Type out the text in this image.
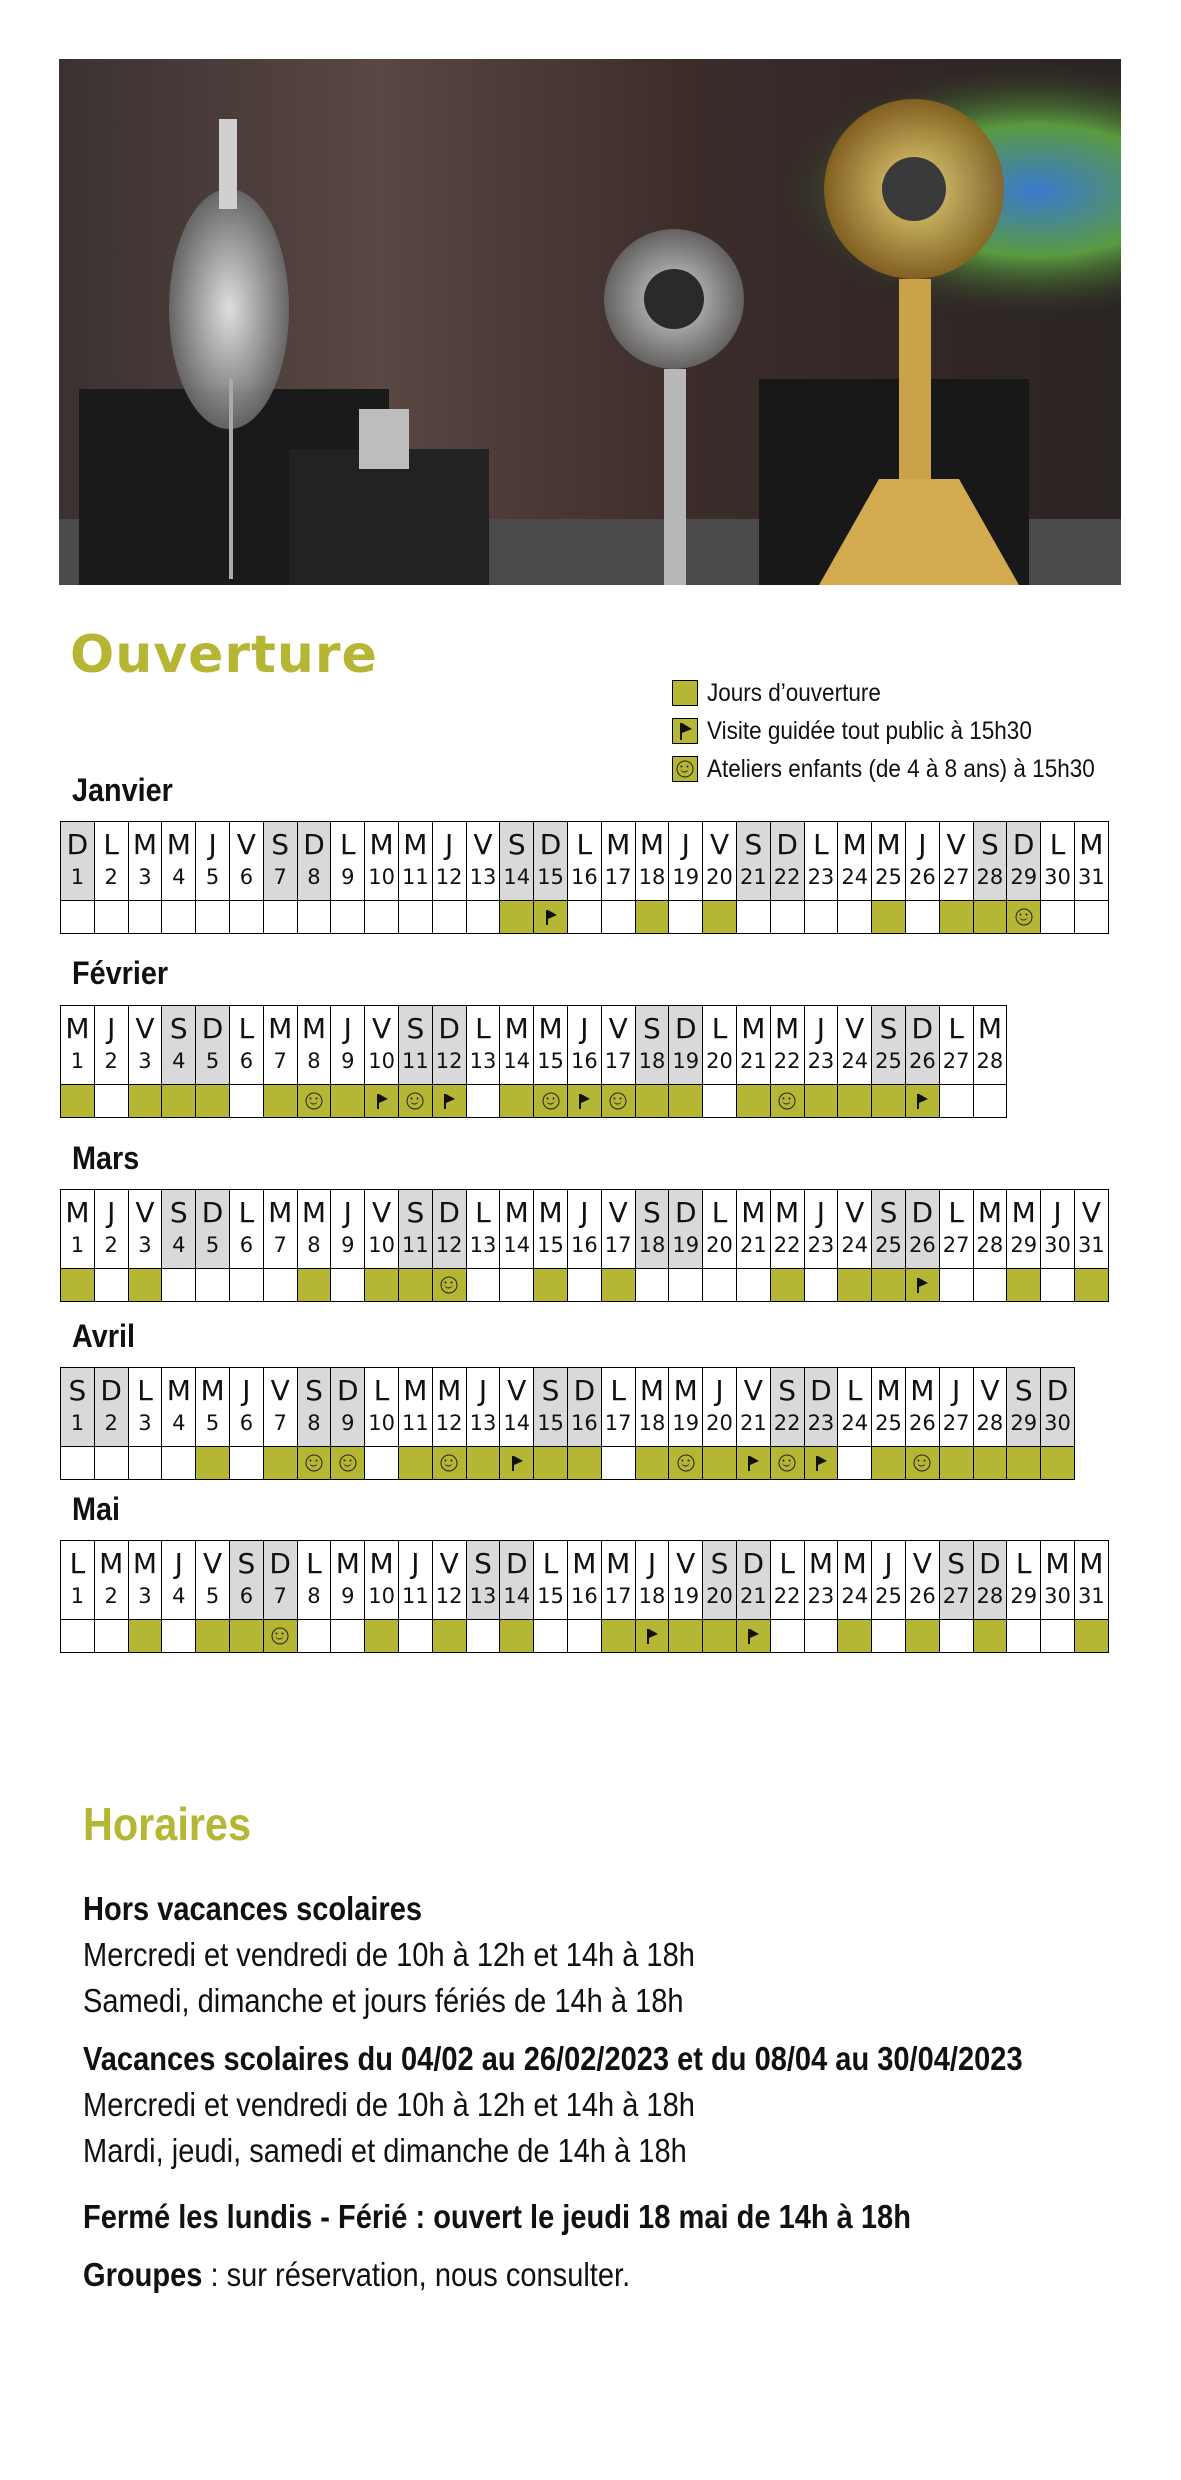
Ouverture
Jours d’ouverture
Visite guidée tout public à 15h30
Ateliers enfants (de 4 à 8 ans) à 15h30
Janvier
D
1
L
2
M
3
M
4
J
5
V
6
S
7
D
8
L
9
M
10
M
11
J
12
V
13
S
14
D
15
L
16
M
17
M
18
J
19
V
20
S
21
D
22
L
23
M
24
M
25
J
26
V
27
S
28
D
29
L
30
M
31
Février
M
1
J
2
V
3
S
4
D
5
L
6
M
7
M
8
J
9
V
10
S
11
D
12
L
13
M
14
M
15
J
16
V
17
S
18
D
19
L
20
M
21
M
22
J
23
V
24
S
25
D
26
L
27
M
28
Mars
M
1
J
2
V
3
S
4
D
5
L
6
M
7
M
8
J
9
V
10
S
11
D
12
L
13
M
14
M
15
J
16
V
17
S
18
D
19
L
20
M
21
M
22
J
23
V
24
S
25
D
26
L
27
M
28
M
29
J
30
V
31
Avril
S
1
D
2
L
3
M
4
M
5
J
6
V
7
S
8
D
9
L
10
M
11
M
12
J
13
V
14
S
15
D
16
L
17
M
18
M
19
J
20
V
21
S
22
D
23
L
24
M
25
M
26
J
27
V
28
S
29
D
30
Mai
L
1
M
2
M
3
J
4
V
5
S
6
D
7
L
8
M
9
M
10
J
11
V
12
S
13
D
14
L
15
M
16
M
17
J
18
V
19
S
20
D
21
L
22
M
23
M
24
J
25
V
26
S
27
D
28
L
29
M
30
M
31
Horaires
Hors vacances scolaires
Mercredi et vendredi de 10h à 12h et 14h à 18h
Samedi, dimanche et jours fériés de 14h à 18h
Vacances scolaires du 04/02 au 26/02/2023 et du 08/04 au 30/04/2023
Mercredi et vendredi de 10h à 12h et 14h à 18h
Mardi, jeudi, samedi et dimanche de 14h à 18h
Fermé les lundis - Férié : ouvert le jeudi 18 mai de 14h à 18h
Groupes : sur réservation, nous consulter.
